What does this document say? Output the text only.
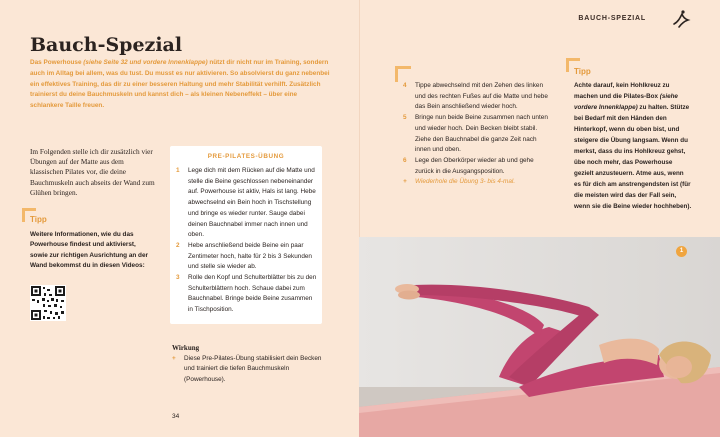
BAUCH-SPEZIAL
Bauch-Spezial
Das Powerhouse (siehe Seite 32 und vordere Innenklappe) nützt dir nicht nur im Training, sondern auch im Alltag bei allem, was du tust. Du musst es nur aktivieren. So absolvierst du ganz nebenbei ein effektives Training, das dir zu einer besseren Haltung und mehr Stabilität verhilft. Zusätzlich trainierst du deine Bauchmuskeln und kannst dich – als kleinen Nebeneffekt – über eine schlankere Taille freuen.
Im Folgenden stelle ich dir zusätzlich vier Übungen auf der Matte aus dem klassischen Pilates vor, die deine Bauchmuskeln auch abseits der Wand zum Glühen bringen.
Tipp
Weitere Informationen, wie du das Powerhouse findest und aktivierst, sowie zur richtigen Ausrichtung an der Wand bekommst du in diesen Videos:
PRE-PILATES-ÜBUNG
1	Lege dich mit dem Rücken auf die Matte und stelle die Beine geschlossen nebeneinander auf. Powerhouse ist aktiv, Hals ist lang. Hebe abwechselnd ein Bein hoch in Tischstellung und bringe es wieder runter. Sauge dabei deinen Bauchnabel immer nach innen und oben.
2	Hebe anschließend beide Beine ein paar Zentimeter hoch, halte für 2 bis 3 Sekunden und stelle sie wieder ab.
3	Rolle den Kopf und Schulterblätter bis zu den Schulterblättern hoch. Schaue dabei zum Bauchnabel. Bringe beide Beine zusammen in Tischposition.
Wirkung
+	Diese Pre-Pilates-Übung stabilisiert dein Becken und trainiert die tiefen Bauchmuskeln (Powerhouse).
34
4	Tippe abwechselnd mit den Zehen des linken und des rechten Fußes auf die Matte und hebe das Bein anschließend wieder hoch.
5	Bringe nun beide Beine zusammen nach unten und wieder hoch. Dein Becken bleibt stabil. Ziehe den Bauchnabel die ganze Zeit nach innen und oben.
6	Lege den Oberkörper wieder ab und gehe zurück in die Ausgangsposition.
+	Wiederhole die Übung 3- bis 4-mal.
Tipp
Achte darauf, kein Hohlkreuz zu machen und die Pilates-Box (siehe vordere Innenklappe) zu halten. Stütze bei Bedarf mit den Händen den Hinterkopf, wenn du oben bist, und steigere die Übung langsam. Wenn du merkst, dass du ins Hohlkreuz gehst, übe noch mehr, das Powerhouse gezielt anzusteuern. Atme aus, wenn es für dich am anstrengendsten ist (für die meisten wird das der Fall sein, wenn sie die Beine wieder hochheben).
1
